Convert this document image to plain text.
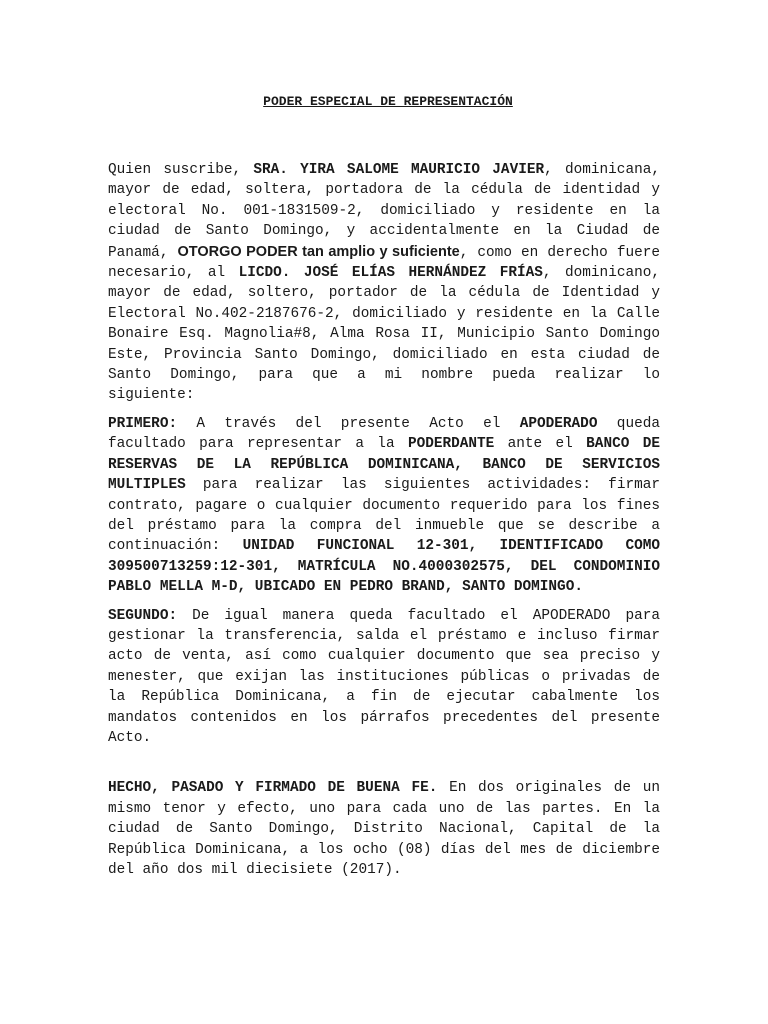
PODER ESPECIAL DE REPRESENTACIÓN

Quien suscribe, SRA. YIRA SALOME MAURICIO JAVIER, dominicana, mayor de edad, soltera, portadora de la cédula de identidad y electoral No. 001-1831509-2, domiciliado y residente en la ciudad de Santo Domingo, y accidentalmente en la Ciudad de Panamá, OTORGO PODER tan amplio y suficiente, como en derecho fuere necesario, al LICDO. JOSÉ ELÍAS HERNÁNDEZ FRÍAS, dominicano, mayor de edad, soltero, portador de la cédula de Identidad y Electoral No.402-2187676-2, domiciliado y residente en la Calle Bonaire Esq. Magnolia#8, Alma Rosa II, Municipio Santo Domingo Este, Provincia Santo Domingo, domiciliado en esta ciudad de Santo Domingo, para que a mi nombre pueda realizar lo siguiente:

PRIMERO: A través del presente Acto el APODERADO queda facultado para representar a la PODERDANTE ante el BANCO DE RESERVAS DE LA REPÚBLICA DOMINICANA, BANCO DE SERVICIOS MULTIPLES para realizar las siguientes actividades: firmar contrato, pagare o cualquier documento requerido para los fines del préstamo para la compra del inmueble que se describe a continuación: UNIDAD FUNCIONAL 12-301, IDENTIFICADO COMO 309500713259:12-301, MATRÍCULA NO.4000302575, DEL CONDOMINIO PABLO MELLA M-D, UBICADO EN PEDRO BRAND, SANTO DOMINGO.

SEGUNDO: De igual manera queda facultado el APODERADO para gestionar la transferencia, salda el préstamo e incluso firmar acto de venta, así como cualquier documento que sea preciso y menester, que exijan las instituciones públicas o privadas de la República Dominicana, a fin de ejecutar cabalmente los mandatos contenidos en los párrafos precedentes del presente Acto.

HECHO, PASADO Y FIRMADO DE BUENA FE. En dos originales de un mismo tenor y efecto, uno para cada uno de las partes. En la ciudad de Santo Domingo, Distrito Nacional, Capital de la República Dominicana, a los ocho (08) días del mes de diciembre del año dos mil diecisiete (2017).
